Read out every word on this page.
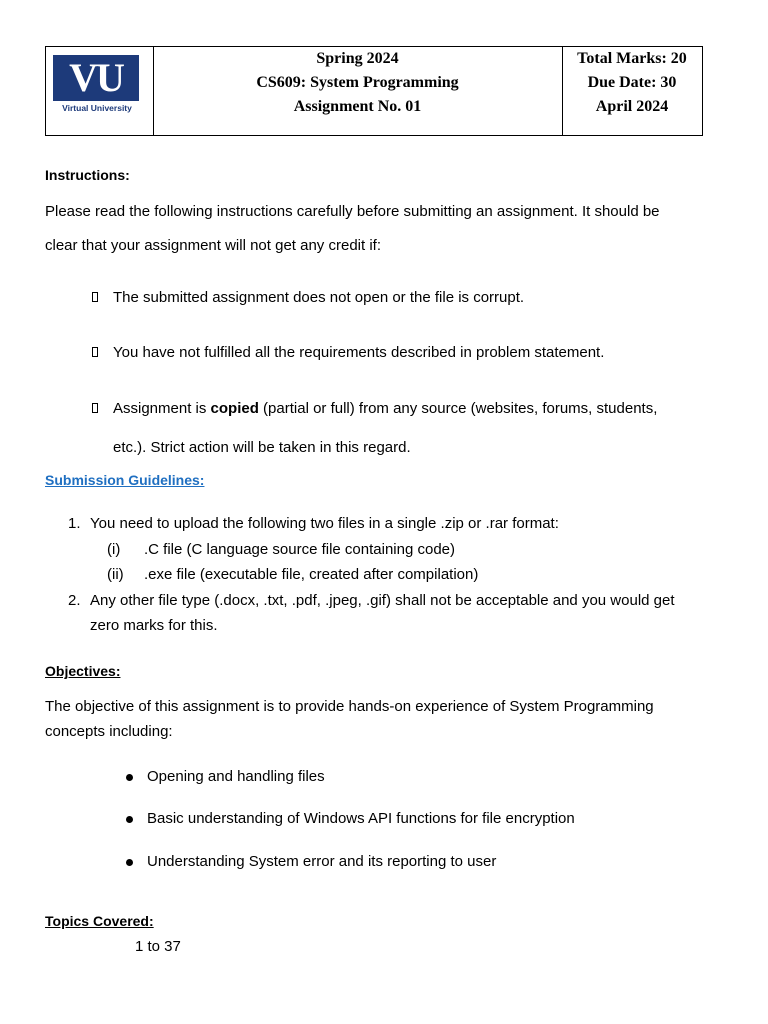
VU
Virtual University
Spring 2024
CS609: System Programming
Assignment No. 01
Total Marks: 20
Due Date: 30
April 2024
Instructions:
Please read the following instructions carefully before submitting an assignment. It should be
clear that your assignment will not get any credit if:
The submitted assignment does not open or the file is corrupt.
You have not fulfilled all the requirements described in problem statement.
Assignment is copied (partial or full) from any source (websites, forums, students,
etc.). Strict action will be taken in this regard.
Submission Guidelines:
1. You need to upload the following two files in a single .zip or .rar format:
(i) .C file (C language source file containing code)
(ii) .exe file (executable file, created after compilation)
2. Any other file type (.docx, .txt, .pdf, .jpeg, .gif) shall not be acceptable and you would get
zero marks for this.
Objectives:
The objective of this assignment is to provide hands-on experience of System Programming
concepts including:
Opening and handling files
Basic understanding of Windows API functions for file encryption
Understanding System error and its reporting to user
Topics Covered:
1 to 37
